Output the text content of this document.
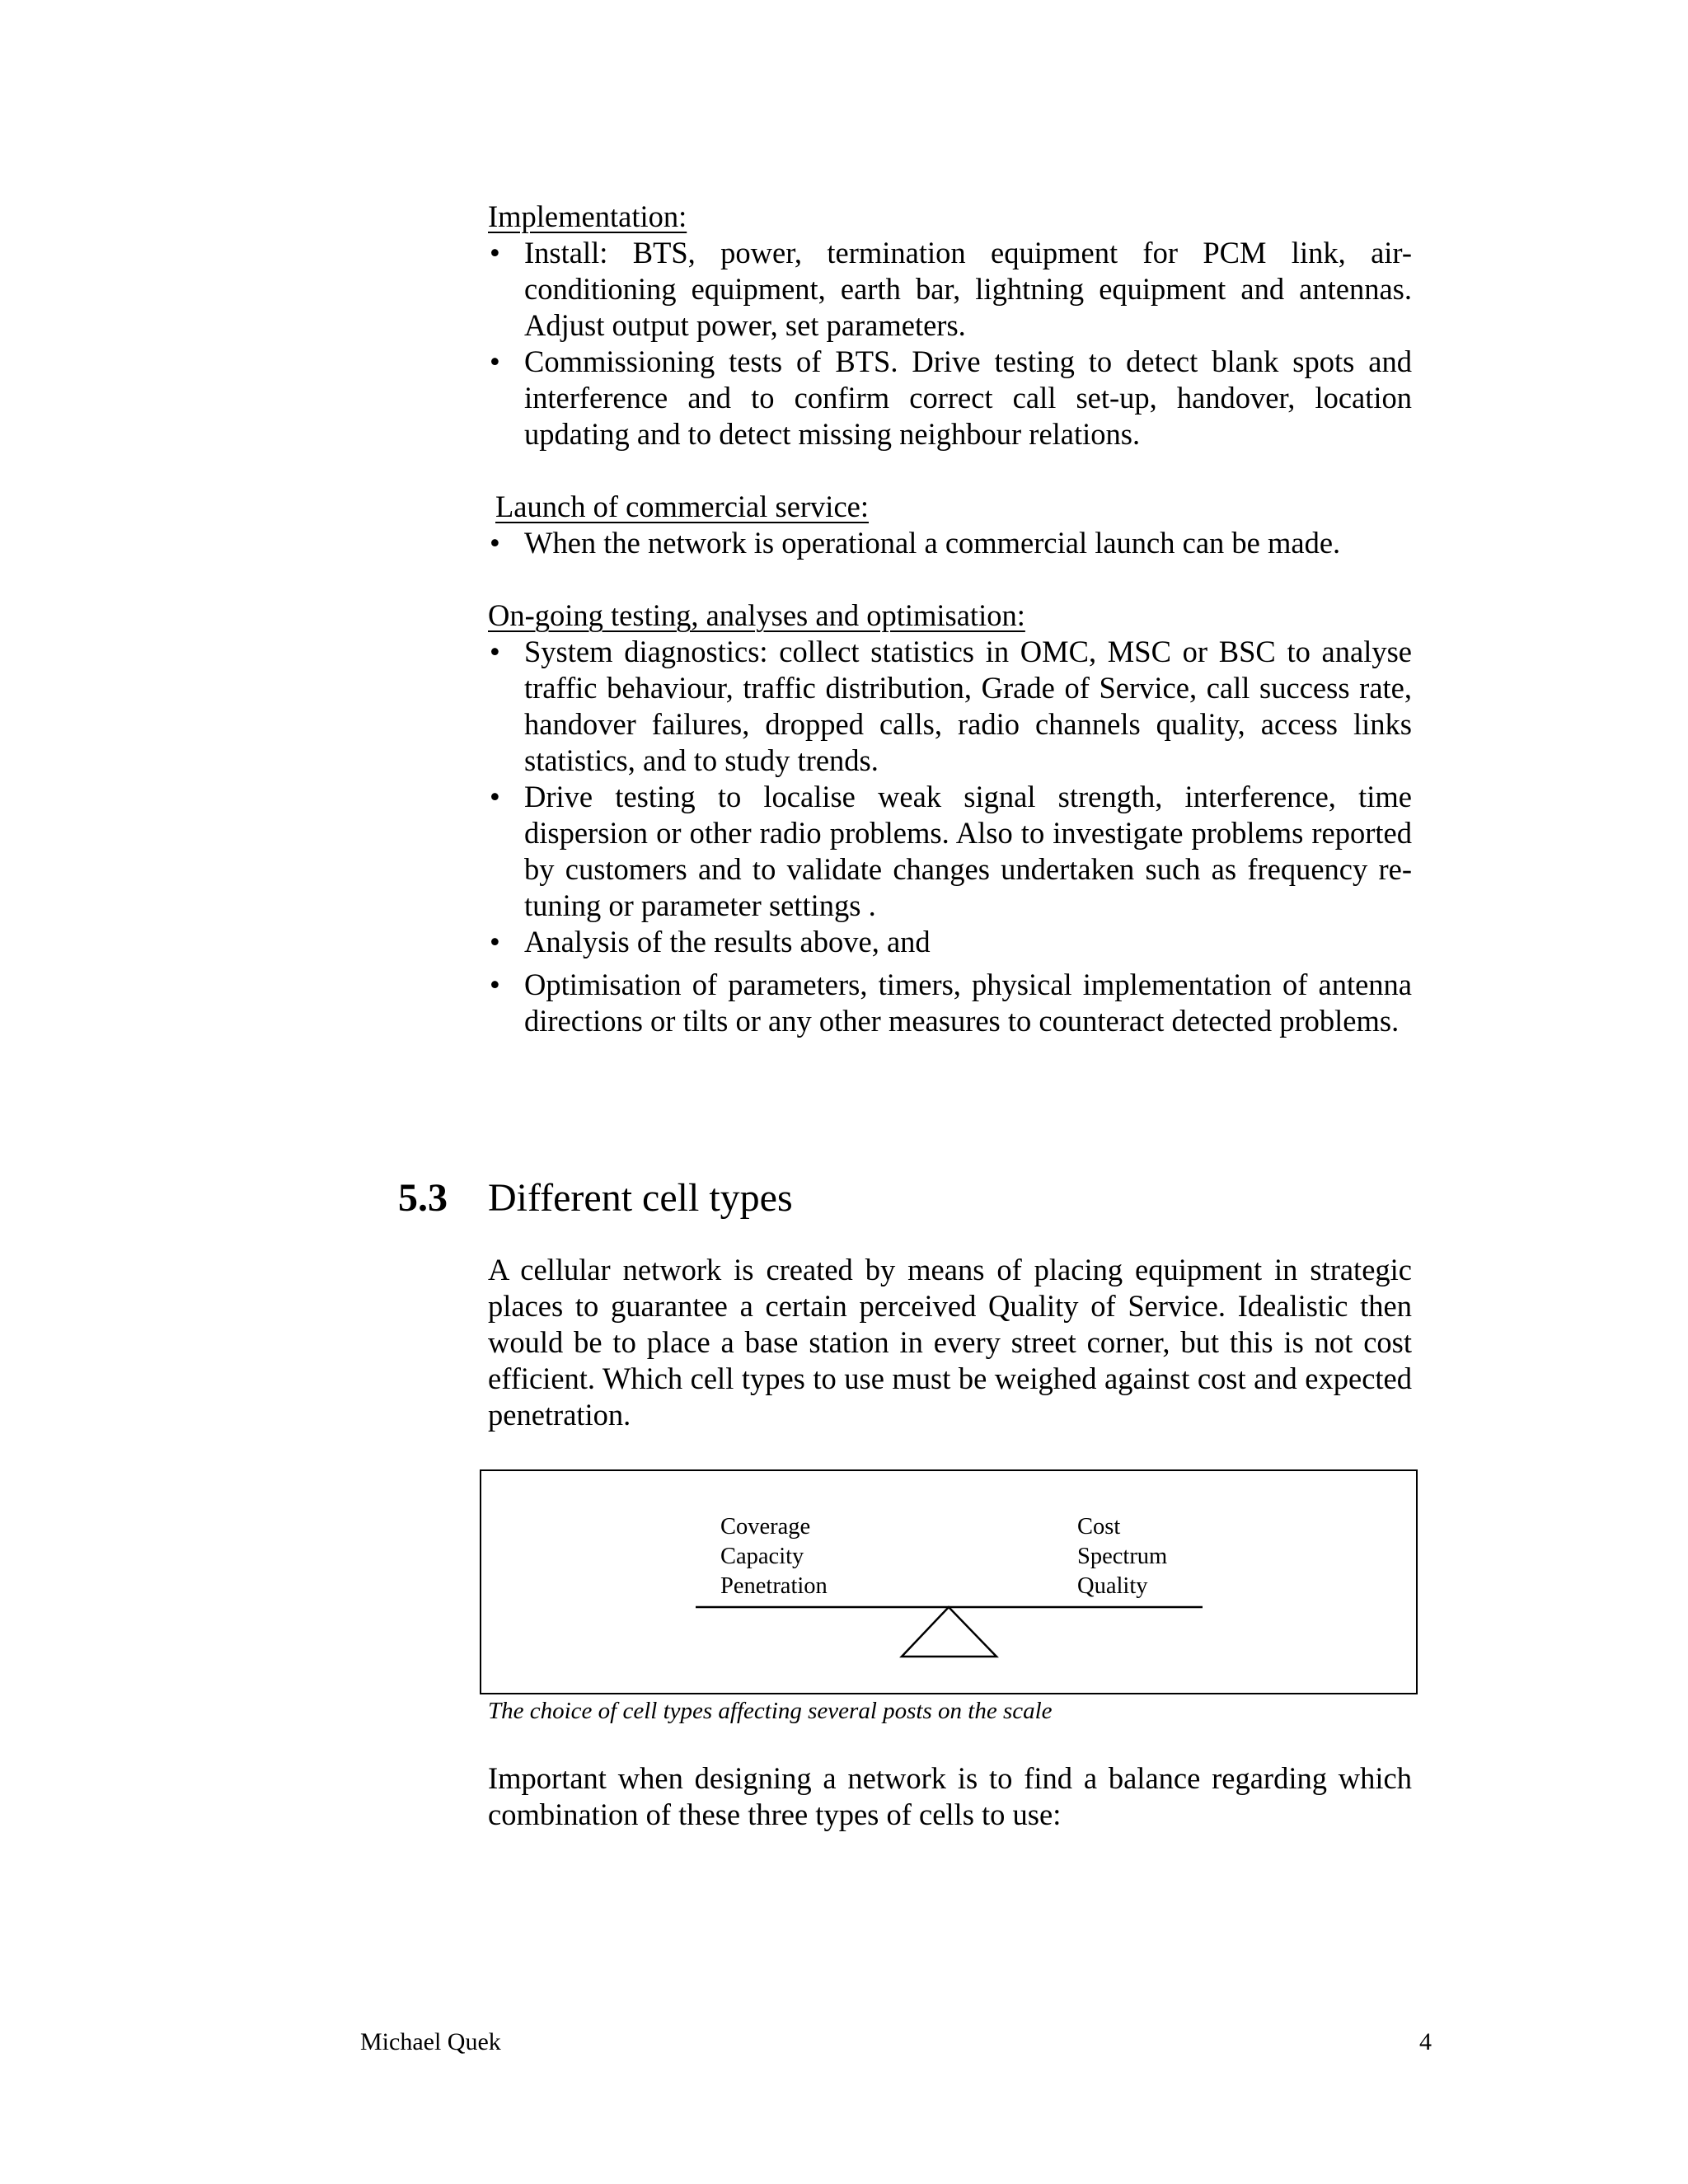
Implementation:

• Install: BTS, power, termination equipment for PCM link, air-conditioning equipment, earth bar, lightning equipment and antennas. Adjust output power, set parameters.
• Commissioning tests of BTS. Drive testing to detect blank spots and interference and to confirm correct call set-up, handover, location updating and to detect missing neighbour relations.

Launch of commercial service:

• When the network is operational a commercial launch can be made.

On-going testing, analyses and optimisation:

• System diagnostics: collect statistics in OMC, MSC or BSC to analyse traffic behaviour, traffic distribution, Grade of Service, call success rate, handover failures, dropped calls, radio channels quality, access links statistics, and to study trends.
• Drive testing to localise weak signal strength, interference, time dispersion or other radio problems. Also to investigate problems reported by customers and to validate changes undertaken such as frequency re-tuning or parameter settings .
• Analysis of the results above, and
• Optimisation of parameters, timers, physical implementation of antenna directions or tilts or any other measures to counteract detected problems.
5.3 Different cell types

A cellular network is created by means of placing equipment in strategic places to guarantee a certain perceived Quality of Service. Idealistic then would be to place a base station in every street corner, but this is not cost efficient. Which cell types to use must be weighed against cost and expected penetration.

Coverage
Capacity
Penetration
Cost
Spectrum
Quality
The choice of cell types affecting several posts on the scale

Important when designing a network is to find a balance regarding which combination of these three types of cells to use:

Michael Quek	4
